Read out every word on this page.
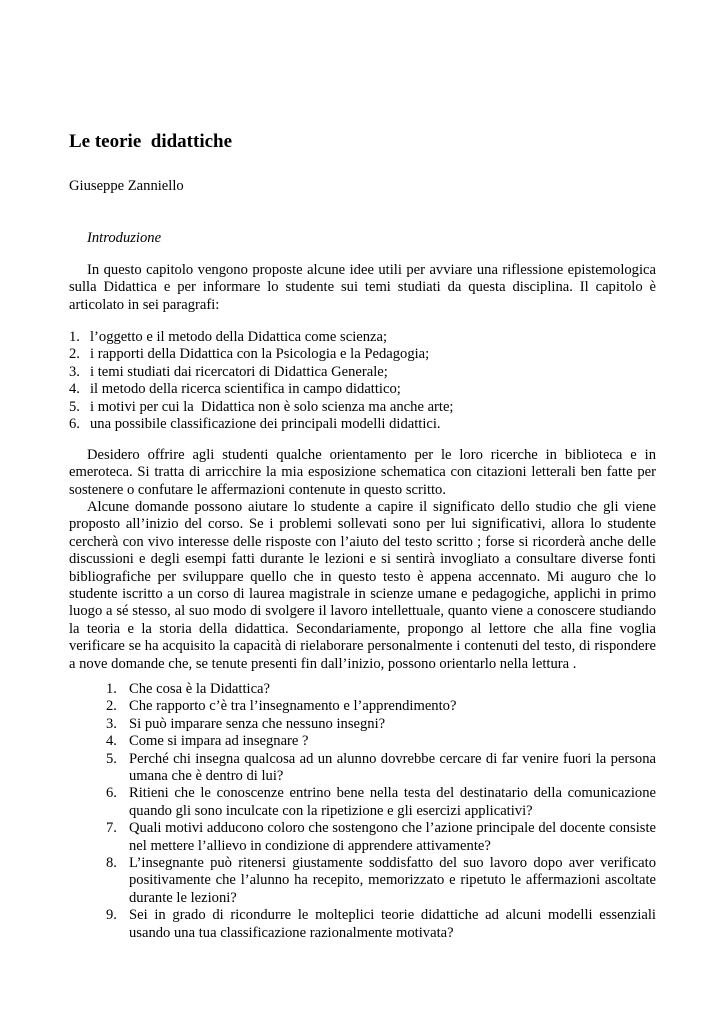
Le teorie  didattiche
Giuseppe Zanniello
Introduzione

In questo capitolo vengono proposte alcune idee utili per avviare una riflessione epistemologica sulla Didattica e per informare lo studente sui temi studiati da questa disciplina. Il capitolo è articolato in sei paragrafi:

1. l’oggetto e il metodo della Didattica come scienza;
2. i rapporti della Didattica con la Psicologia e la Pedagogia;
3. i temi studiati dai ricercatori di Didattica Generale;
4. il metodo della ricerca scientifica in campo didattico;
5. i motivi per cui la  Didattica non è solo scienza ma anche arte;
6. una possibile classificazione dei principali modelli didattici.

Desidero offrire agli studenti qualche orientamento per le loro ricerche in biblioteca e in emeroteca. Si tratta di arricchire la mia esposizione schematica con citazioni letterali ben fatte per sostenere o confutare le affermazioni contenute in questo scritto.

Alcune domande possono aiutare lo studente a capire il significato dello studio che gli viene proposto all’inizio del corso. Se i problemi sollevati sono per lui significativi, allora lo studente cercherà con vivo interesse delle risposte con l’aiuto del testo scritto ; forse si ricorderà anche delle discussioni e degli esempi fatti durante le lezioni e si sentirà invogliato a consultare diverse fonti bibliografiche per sviluppare quello che in questo testo è appena accennato. Mi auguro che lo studente iscritto a un corso di laurea magistrale in scienze umane e pedagogiche, applichi in primo luogo a sé stesso, al suo modo di svolgere il lavoro intellettuale, quanto viene a conoscere studiando la teoria e la storia della didattica. Secondariamente, propongo al lettore che alla fine voglia verificare se ha acquisito la capacità di rielaborare personalmente i contenuti del testo, di rispondere a nove domande che, se tenute presenti fin dall’inizio, possono orientarlo nella lettura .

1. Che cosa è la Didattica?
2. Che rapporto c’è tra l’insegnamento e l’apprendimento?
3. Si può imparare senza che nessuno insegni?
4. Come si impara ad insegnare ?
5. Perché chi insegna qualcosa ad un alunno dovrebbe cercare di far venire fuori la persona umana che è dentro di lui?
6. Ritieni che le conoscenze entrino bene nella testa del destinatario della comunicazione quando gli sono inculcate con la ripetizione e gli esercizi applicativi?
7. Quali motivi adducono coloro che sostengono che l’azione principale del docente consiste nel mettere l’allievo in condizione di apprendere attivamente?
8. L’insegnante può ritenersi giustamente soddisfatto del suo lavoro dopo aver verificato positivamente che l’alunno ha recepito, memorizzato e ripetuto le affermazioni ascoltate durante le lezioni?
9. Sei in grado di ricondurre le molteplici teorie didattiche ad alcuni modelli essenziali usando una tua classificazione razionalmente motivata?
